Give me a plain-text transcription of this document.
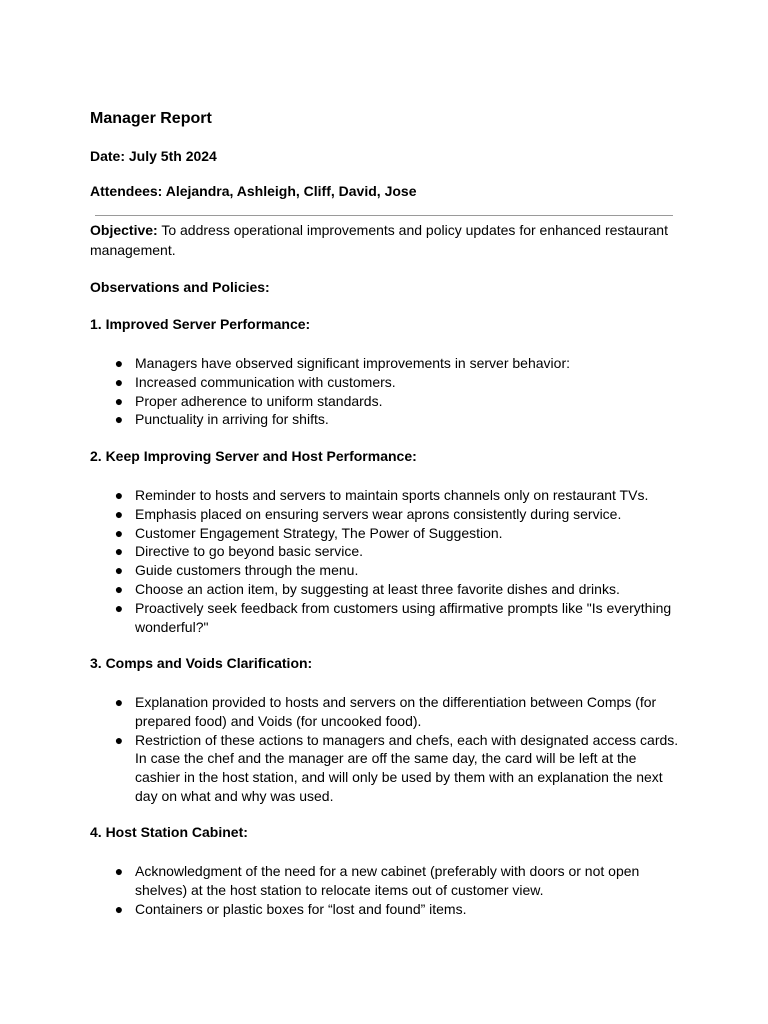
Manager Report
Date: July 5th 2024
Attendees: Alejandra, Ashleigh, Cliff, David, Jose
Objective: To address operational improvements and policy updates for enhanced restaurant management.
Observations and Policies:
1. Improved Server Performance:
● Managers have observed significant improvements in server behavior:
● Increased communication with customers.
● Proper adherence to uniform standards.
● Punctuality in arriving for shifts.
2. Keep Improving Server and Host Performance:
● Reminder to hosts and servers to maintain sports channels only on restaurant TVs.
● Emphasis placed on ensuring servers wear aprons consistently during service.
● Customer Engagement Strategy, The Power of Suggestion.
● Directive to go beyond basic service.
● Guide customers through the menu.
● Choose an action item, by suggesting at least three favorite dishes and drinks.
● Proactively seek feedback from customers using affirmative prompts like "Is everything wonderful?"
3. Comps and Voids Clarification:
● Explanation provided to hosts and servers on the differentiation between Comps (for prepared food) and Voids (for uncooked food).
● Restriction of these actions to managers and chefs, each with designated access cards. In case the chef and the manager are off the same day, the card will be left at the cashier in the host station, and will only be used by them with an explanation the next day on what and why was used.
4. Host Station Cabinet:
● Acknowledgment of the need for a new cabinet (preferably with doors or not open shelves) at the host station to relocate items out of customer view.
● Containers or plastic boxes for “lost and found” items.
